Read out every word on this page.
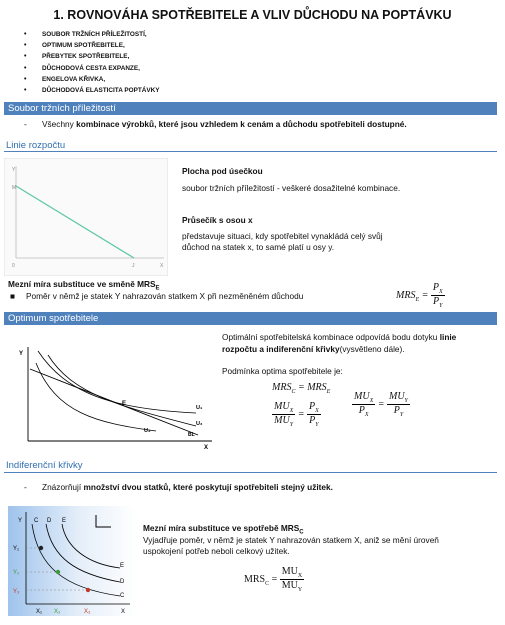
1. ROVNOVÁHA SPOTŘEBITELE A VLIV DŮCHODU NA POPTÁVKU
• SOUBOR TRŽNÍCH PŘÍLEŽITOSTÍ,
• OPTIMUM SPOTŘEBITELE,
• PŘEBYTEK SPOTŘEBITELE,
• DŮCHODOVÁ CESTA EXPANZE,
• ENGELOVA KŘIVKA,
• DŮCHODOVÁ ELASTICITA POPTÁVKY
Soubor tržních příležitostí
- Všechny kombinace výrobků, které jsou vzhledem k cenám a důchodu spotřebiteli dostupné.
Linie rozpočtu
Y
M
0	J	X
Plocha pod úsečkou
soubor tržních příležitostí - veškeré dosažitelné kombinace.
Průsečík s osou x
představuje situaci, kdy spotřebitel vynakládá celý svůj
důchod na statek x, to samé platí u osy y.
Mezní míra substituce ve směně $MRS_E$
■ Poměr v němž je statek Y nahrazován statkem X při nezměněném důchodu	$MRS_E = \frac{P_X}{P_Y}$
Optimum spotřebitele
Y
X
E
U₁
U₂
U₃
BL
Optimální spotřebitelská kombinace odpovídá bodu dotyku linie
rozpočtu a indiferenční křivky(vysvětleno dále).
Podmínka optima spotřebitele je:
$MRS_C = MRS_E$
$\frac{MU_X}{MU_Y} = \frac{P_X}{P_Y}$	$\frac{MU_X}{P_X} = \frac{MU_Y}{P_Y}$
Indiferenční křivky
- Znázorňují množství dvou statků, které poskytují spotřebiteli stejný užitek.
Y C D E
Y₁
Y₂
Y₃
X₁ X₂	X₃	X
E
D
C
Mezní míra substituce ve spotřebě $MRS_C$
Vyjadřuje poměr, v němž je statek Y nahrazován statkem X, aniž se mění úroveň
uspokojení potřeb neboli celkový užitek.
$MRS_C = \frac{MU_X}{MU_Y}$
